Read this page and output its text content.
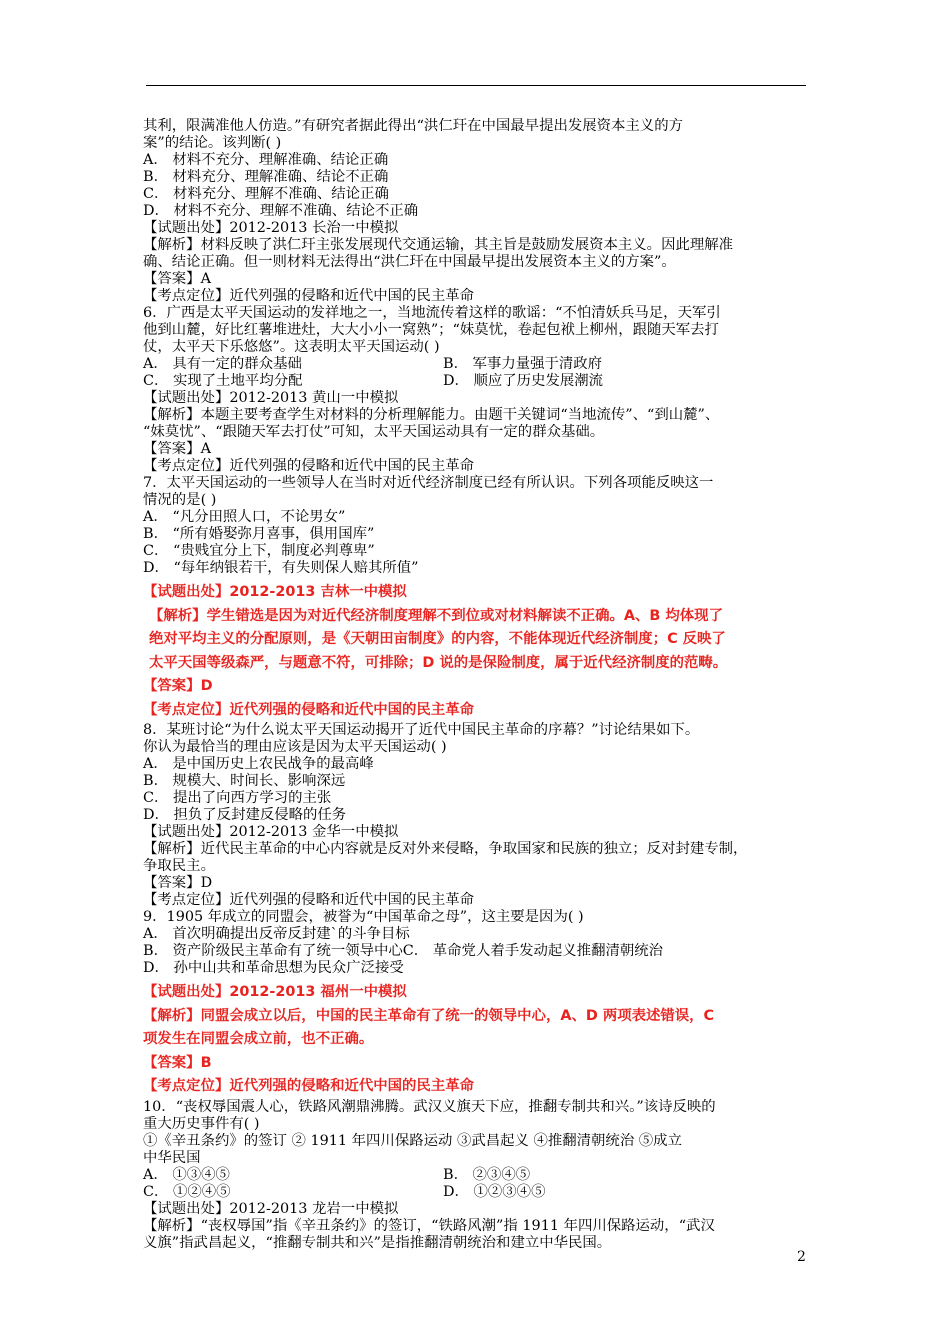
其利，限满准他人仿造。”有研究者据此得出“洪仁玕在中国最早提出发展资本主义的方
案”的结论。该判断( )
A． 材料不充分、理解准确、结论正确
B． 材料充分、理解准确、结论不正确
C． 材料充分、理解不准确、结论正确
D． 材料不充分、理解不准确、结论不正确
【试题出处】2012-2013 长治一中模拟
【解析】材料反映了洪仁玕主张发展现代交通运输，其主旨是鼓励发展资本主义。因此理解准
确、结论正确。但一则材料无法得出“洪仁玕在中国最早提出发展资本主义的方案”。
【答案】A
【考点定位】近代列强的侵略和近代中国的民主革命
6．广西是太平天国运动的发祥地之一，当地流传着这样的歌谣：“不怕清妖兵马足，天军引
他到山麓，好比红薯堆进灶，大大小小一窝熟”；“妹莫忧，卷起包袱上柳州，跟随天军去打
仗，太平天下乐悠悠”。这表明太平天国运动( )
A． 具有一定的群众基础	B． 军事力量强于清政府
C． 实现了土地平均分配	D． 顺应了历史发展潮流
【试题出处】2012-2013 黄山一中模拟
【解析】本题主要考查学生对材料的分析理解能力。由题干关键词“当地流传”、“到山麓”、
“妹莫忧”、“跟随天军去打仗”可知，太平天国运动具有一定的群众基础。
【答案】A
【考点定位】近代列强的侵略和近代中国的民主革命
7．太平天国运动的一些领导人在当时对近代经济制度已经有所认识。下列各项能反映这一
情况的是( )
A． “凡分田照人口，不论男女”
B． “所有婚娶弥月喜事，俱用国库”
C． “贵贱宜分上下，制度必判尊卑”
D． “每年纳银若干，有失则保人赔其所值”
【试题出处】2012-2013 吉林一中模拟
【解析】学生错选是因为对近代经济制度理解不到位或对材料解读不正确。A、B 均体现了
绝对平均主义的分配原则，是《天朝田亩制度》的内容，不能体现近代经济制度；C 反映了
太平天国等级森严，与题意不符，可排除；D 说的是保险制度，属于近代经济制度的范畴。
【答案】D
【考点定位】近代列强的侵略和近代中国的民主革命
8．某班讨论“为什么说太平天国运动揭开了近代中国民主革命的序幕？”讨论结果如下。
你认为最恰当的理由应该是因为太平天国运动( )
A． 是中国历史上农民战争的最高峰
B． 规模大、时间长、影响深远
C． 提出了向西方学习的主张
D． 担负了反封建反侵略的任务
【试题出处】2012-2013 金华一中模拟
【解析】近代民主革命的中心内容就是反对外来侵略，争取国家和民族的独立；反对封建专制，
争取民主。
【答案】D
【考点定位】近代列强的侵略和近代中国的民主革命
9．1905 年成立的同盟会，被誉为“中国革命之母”，这主要是因为( )
A． 首次明确提出反帝反封建`的斗争目标
B． 资产阶级民主革命有了统一领导中心C． 革命党人着手发动起义推翻清朝统治
D． 孙中山共和革命思想为民众广泛接受
【试题出处】2012-2013 福州一中模拟
【解析】同盟会成立以后，中国的民主革命有了统一的领导中心，A、D 两项表述错误，C
项发生在同盟会成立前，也不正确。
【答案】B
【考点定位】近代列强的侵略和近代中国的民主革命
10．“丧权辱国震人心，铁路风潮鼎沸腾。武汉义旗天下应，推翻专制共和兴。”该诗反映的
重大历史事件有( )
①《辛丑条约》的签订 ② 1911 年四川保路运动 ③武昌起义 ④推翻清朝统治 ⑤成立
中华民国
A． ①③④⑤	B． ②③④⑤
C． ①②④⑤	D． ①②③④⑤
【试题出处】2012-2013 龙岩一中模拟
【解析】“丧权辱国”指《辛丑条约》的签订，“铁路风潮”指 1911 年四川保路运动，“武汉
义旗”指武昌起义，“推翻专制共和兴”是指推翻清朝统治和建立中华民国。
2
